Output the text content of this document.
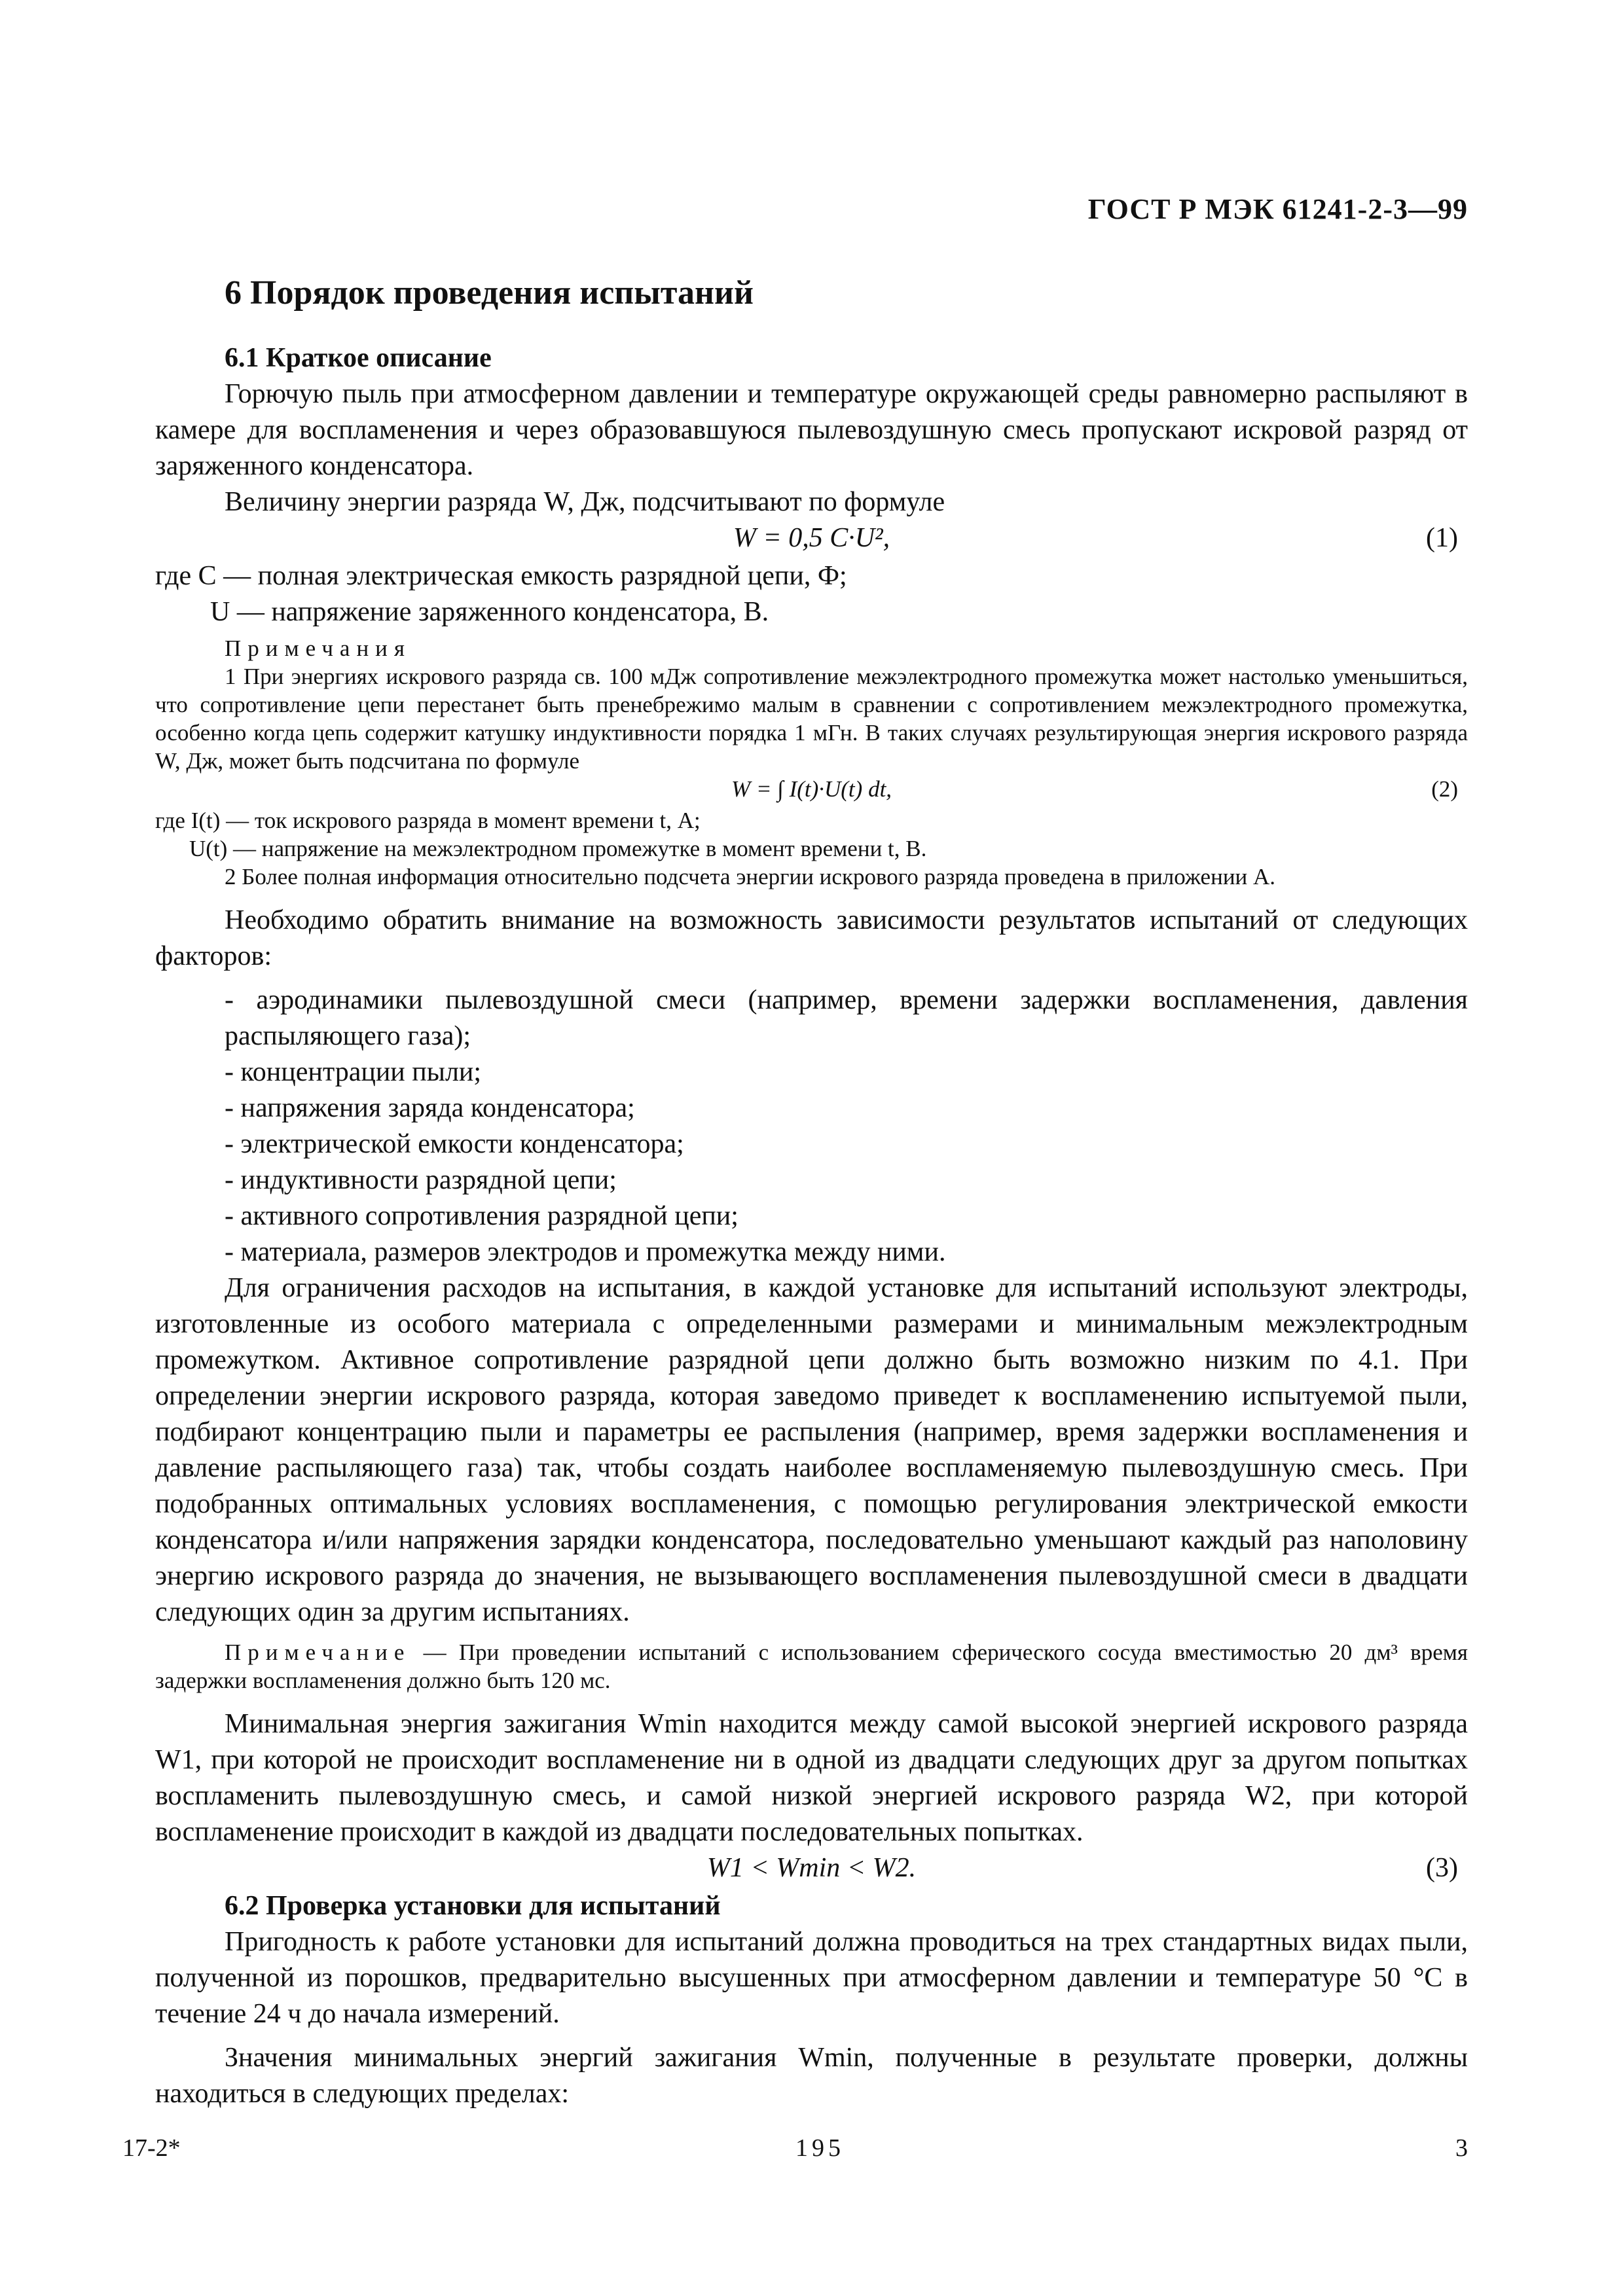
ГОСТ Р МЭК 61241-2-3—99
6 Порядок проведения испытаний

6.1 Краткое описание

Горючую пыль при атмосферном давлении и температуре окружающей среды равномерно распыляют в камере для воспламенения и через образовавшуюся пылевоздушную смесь пропускают искровой разряд от заряженного конденсатора.

Величину энергии разряда W, Дж, подсчитывают по формуле

W = 0,5 C·U²,	(1)

где C — полная электрическая емкость разрядной цепи, Ф;

U — напряжение заряженного конденсатора, В.

Примечания

1 При энергиях искрового разряда св. 100 мДж сопротивление межэлектродного промежутка может настолько уменьшиться, что сопротивление цепи перестанет быть пренебрежимо малым в сравнении с сопротивлением межэлектродного промежутка, особенно когда цепь содержит катушку индуктивности порядка 1 мГн. В таких случаях результирующая энергия искрового разряда W, Дж, может быть подсчитана по формуле

W = ∫ I(t)·U(t) dt,	(2)

где I(t) — ток искрового разряда в момент времени t, А;

U(t) — напряжение на межэлектродном промежутке в момент времени t, В.

2 Более полная информация относительно подсчета энергии искрового разряда проведена в приложении А.

Необходимо обратить внимание на возможность зависимости результатов испытаний от следующих факторов:

- аэродинамики пылевоздушной смеси (например, времени задержки воспламенения, давления распыляющего газа);

- концентрации пыли;

- напряжения заряда конденсатора;

- электрической емкости конденсатора;

- индуктивности разрядной цепи;

- активного сопротивления разрядной цепи;

- материала, размеров электродов и промежутка между ними.

Для ограничения расходов на испытания, в каждой установке для испытаний используют электроды, изготовленные из особого материала с определенными размерами и минимальным межэлектродным промежутком. Активное сопротивление разрядной цепи должно быть возможно низким по 4.1. При определении энергии искрового разряда, которая заведомо приведет к воспламенению испытуемой пыли, подбирают концентрацию пыли и параметры ее распыления (например, время задержки воспламенения и давление распыляющего газа) так, чтобы создать наиболее воспламеняемую пылевоздушную смесь. При подобранных оптимальных условиях воспламенения, с помощью регулирования электрической емкости конденсатора и/или напряжения зарядки конденсатора, последовательно уменьшают каждый раз наполовину энергию искрового разряда до значения, не вызывающего воспламенения пылевоздушной смеси в двадцати следующих один за другим испытаниях.

Примечание — При проведении испытаний с использованием сферического сосуда вместимостью 20 дм³ время задержки воспламенения должно быть 120 мс.

Минимальная энергия зажигания Wmin находится между самой высокой энергией искрового разряда W1, при которой не происходит воспламенение ни в одной из двадцати следующих друг за другом попытках воспламенить пылевоздушную смесь, и самой низкой энергией искрового разряда W2, при которой воспламенение происходит в каждой из двадцати последовательных попытках.

W1 < Wmin < W2.	(3)

6.2 Проверка установки для испытаний

Пригодность к работе установки для испытаний должна проводиться на трех стандартных видах пыли, полученной из порошков, предварительно высушенных при атмосферном давлении и температуре 50 °С в течение 24 ч до начала измерений.

Значения минимальных энергий зажигания Wmin, полученные в результате проверки, должны находиться в следующих пределах:

17-2*	195	3
